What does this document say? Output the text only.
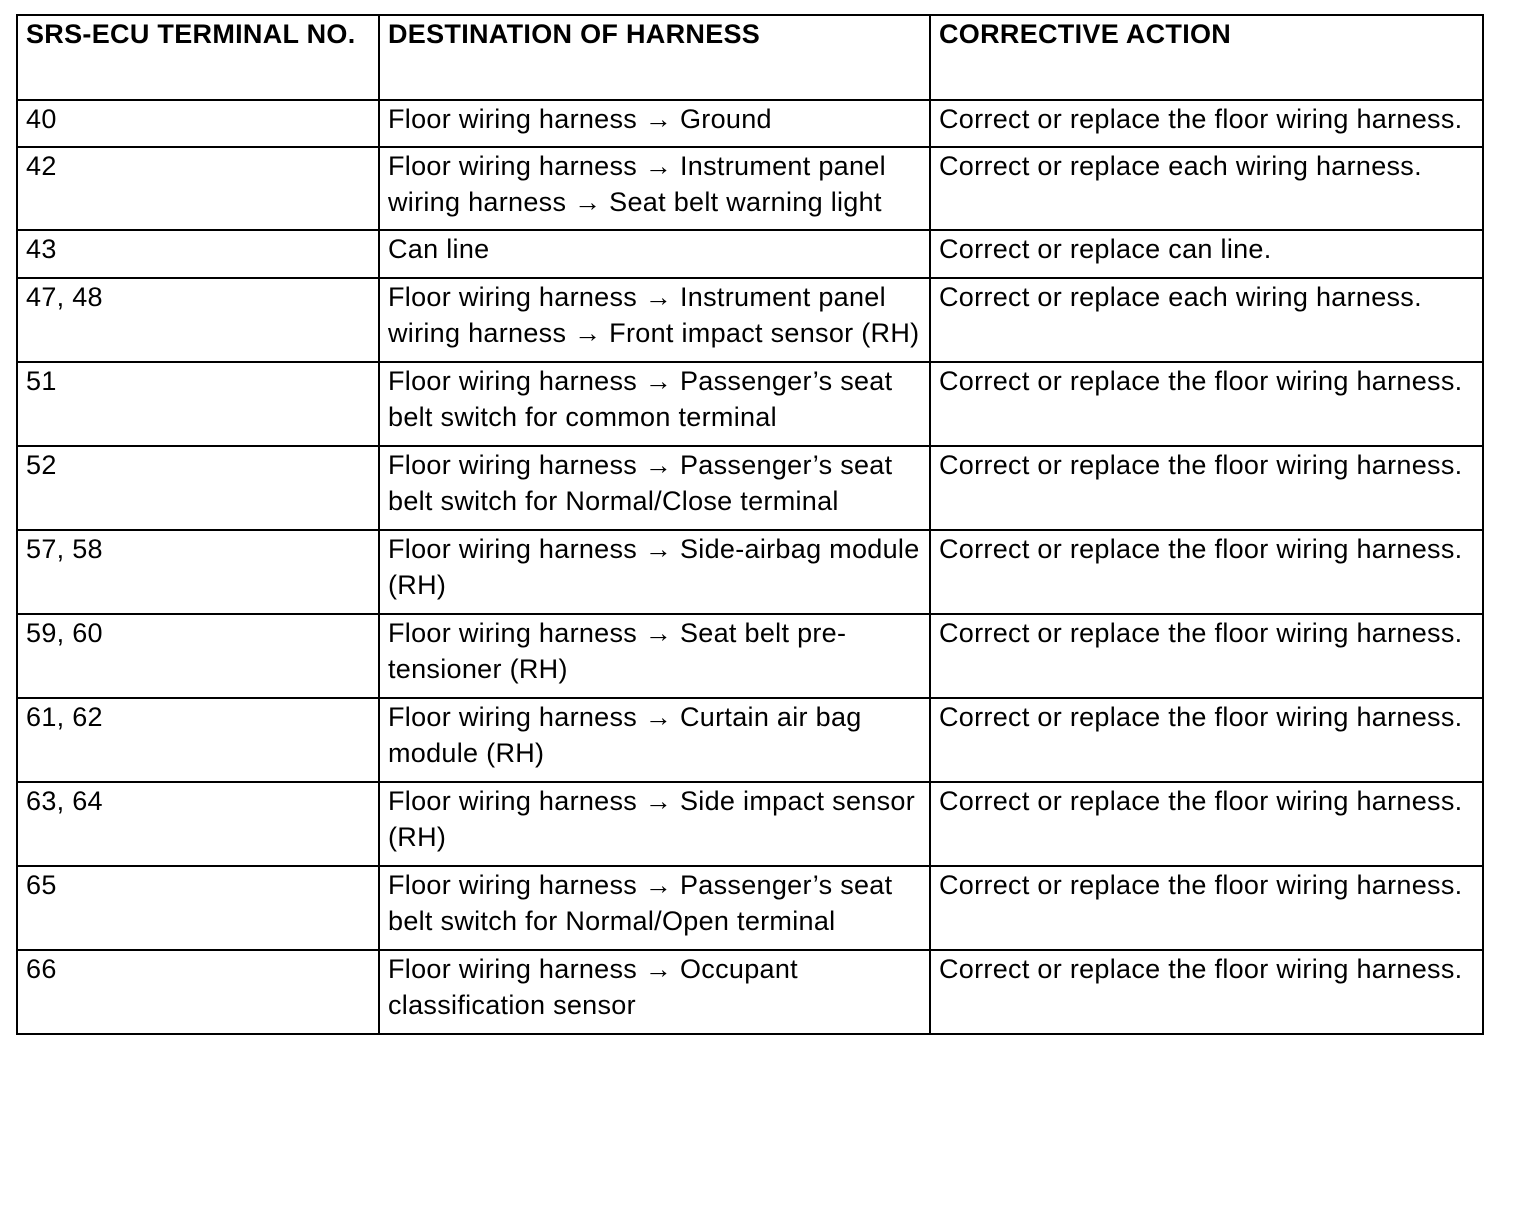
SRS-ECU TERMINAL NO.	DESTINATION OF HARNESS	CORRECTIVE ACTION
40	Floor wiring harness → Ground	Correct or replace the floor wiring harness.
42	Floor wiring harness → Instrument panel wiring harness → Seat belt warning light	Correct or replace each wiring harness.
43	Can line	Correct or replace can line.
47, 48	Floor wiring harness → Instrument panel wiring harness → Front impact sensor (RH)	Correct or replace each wiring harness.
51	Floor wiring harness → Passenger’s seat belt switch for common terminal	Correct or replace the floor wiring harness.
52	Floor wiring harness → Passenger’s seat belt switch for Normal/Close terminal	Correct or replace the floor wiring harness.
57, 58	Floor wiring harness → Side-airbag module (RH)	Correct or replace the floor wiring harness.
59, 60	Floor wiring harness → Seat belt pre-tensioner (RH)	Correct or replace the floor wiring harness.
61, 62	Floor wiring harness → Curtain air bag module (RH)	Correct or replace the floor wiring harness.
63, 64	Floor wiring harness → Side impact sensor (RH)	Correct or replace the floor wiring harness.
65	Floor wiring harness → Passenger’s seat belt switch for Normal/Open terminal	Correct or replace the floor wiring harness.
66	Floor wiring harness → Occupant classification sensor	Correct or replace the floor wiring harness.
